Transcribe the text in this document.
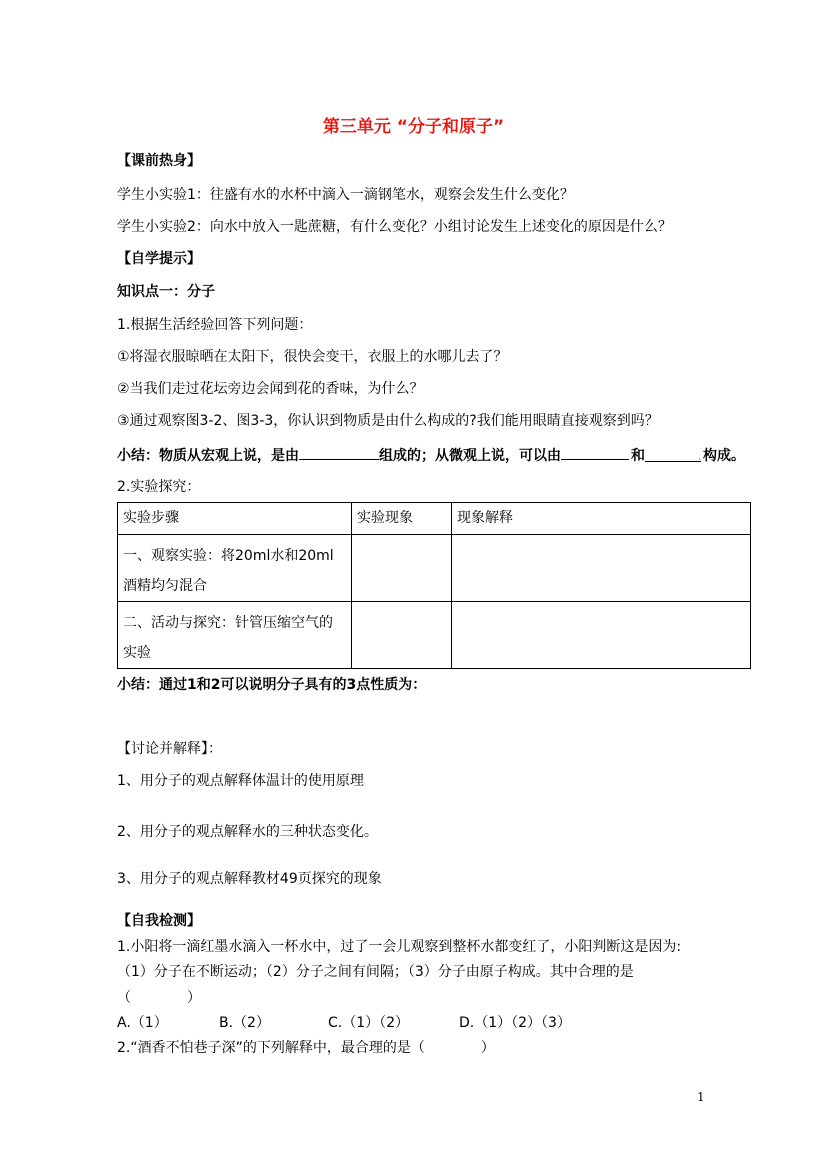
第三单元 “分子和原子”
【课前热身】
学生小实验1：往盛有水的水杯中滴入一滴钢笔水，观察会发生什么变化？
学生小实验2：向水中放入一匙蔗糖，有什么变化？小组讨论发生上述变化的原因是什么？
【自学提示】
知识点一：分子
1.根据生活经验回答下列问题：
①将湿衣服晾晒在太阳下，很快会变干，衣服上的水哪儿去了？
②当我们走过花坛旁边会闻到花的香味，为什么？
③通过观察图3-2、图3-3，你认识到物质是由什么构成的?我们能用眼睛直接观察到吗？
小结：物质从宏观上说，是由	组成的；从微观上说，可以由	和	. 构成。
2.实验探究：
实验步骤	实验现象	现象解释
一、观察实验：将20ml水和20ml酒精均匀混合		
二、活动与探究：针管压缩空气的实验		
小结：通过1和2可以说明分子具有的3点性质为：
【讨论并解释】：
1、用分子的观点解释体温计的使用原理
2、用分子的观点解释水的三种状态变化。
3、用分子的观点解释教材49页探究的现象
【自我检测】
1.小阳将一滴红墨水滴入一杯水中，过了一会儿观察到整杯水都变红了，小阳判断这是因为:
（1）分子在不断运动；（2）分子之间有间隔；（3）分子由原子构成。其中合理的是
（　　　　）
A.（1）	B.（2）	C.（1）（2）	D.（1）（2）（3）
2.“酒香不怕巷子深”的下列解释中，最合理的是（　　　　）
1
